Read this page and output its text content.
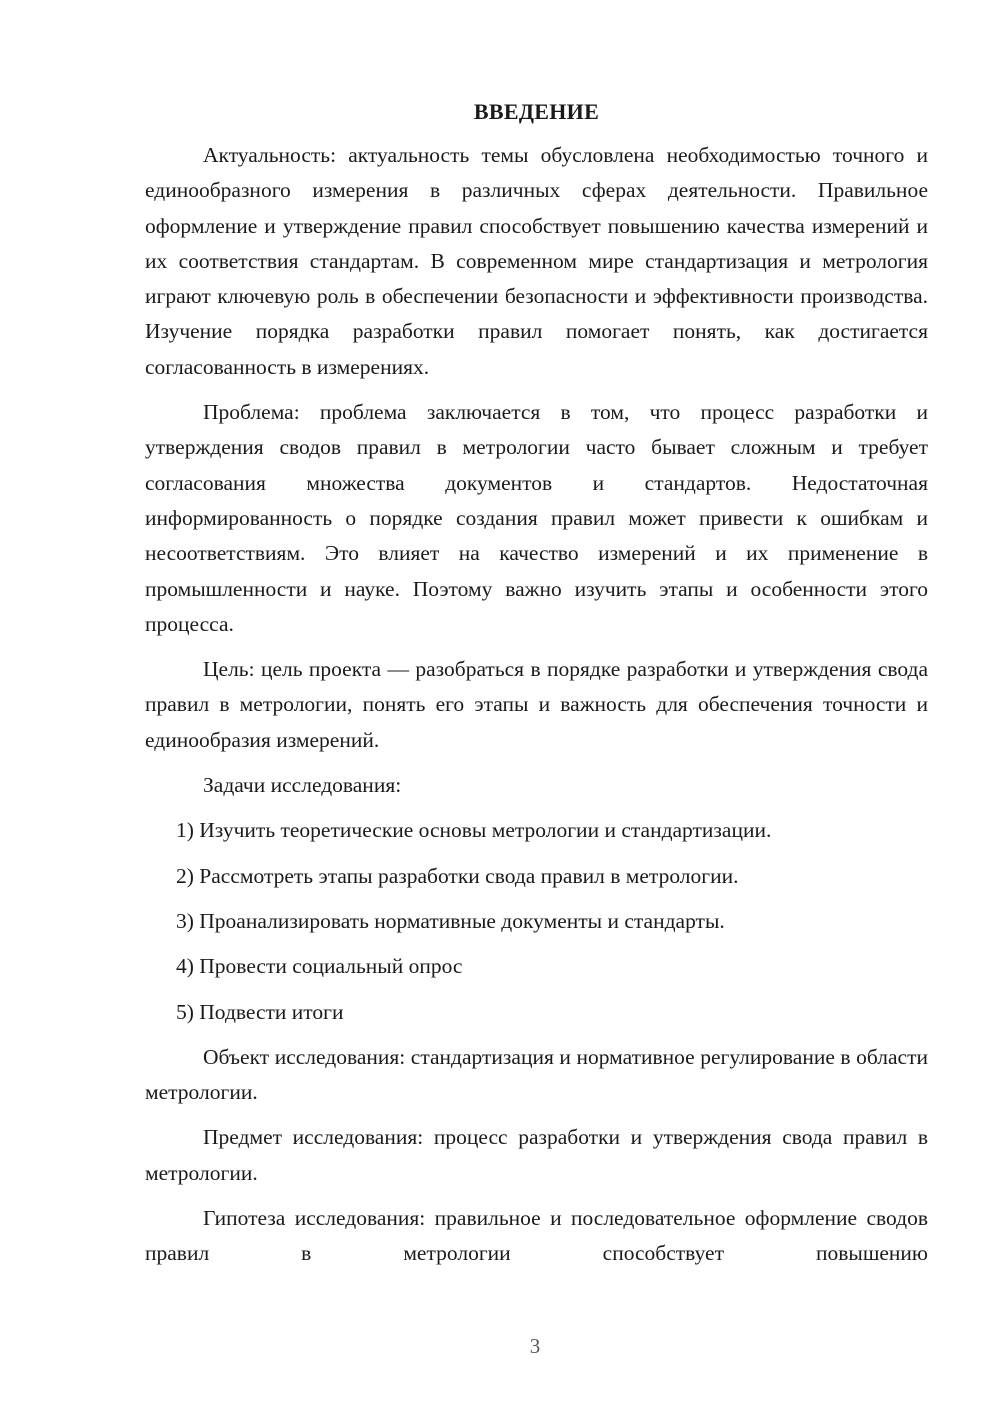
ВВЕДЕНИЕ

Актуальность: актуальность темы обусловлена необходимостью точного и единообразного измерения в различных сферах деятельности. Правильное оформление и утверждение правил способствует повышению качества измерений и их соответствия стандартам. В современном мире стандартизация и метрология играют ключевую роль в обеспечении безопасности и эффективности производства. Изучение порядка разработки правил помогает понять, как достигается согласованность в измерениях.

Проблема: проблема заключается в том, что процесс разработки и утверждения сводов правил в метрологии часто бывает сложным и требует согласования множества документов и стандартов. Недостаточная информированность о порядке создания правил может привести к ошибкам и несоответствиям. Это влияет на качество измерений и их применение в промышленности и науке. Поэтому важно изучить этапы и особенности этого процесса.

Цель: цель проекта — разобраться в порядке разработки и утверждения свода правил в метрологии, понять его этапы и важность для обеспечения точности и единообразия измерений.

Задачи исследования:

1) Изучить теоретические основы метрологии и стандартизации.
2) Рассмотреть этапы разработки свода правил в метрологии.
3) Проанализировать нормативные документы и стандарты.
4) Провести социальный опрос
5) Подвести итоги

Объект исследования: стандартизация и нормативное регулирование в области метрологии.

Предмет исследования: процесс разработки и утверждения свода правил в метрологии.

Гипотеза исследования: правильное и последовательное оформление сводов правил в метрологии способствует повышению

3
